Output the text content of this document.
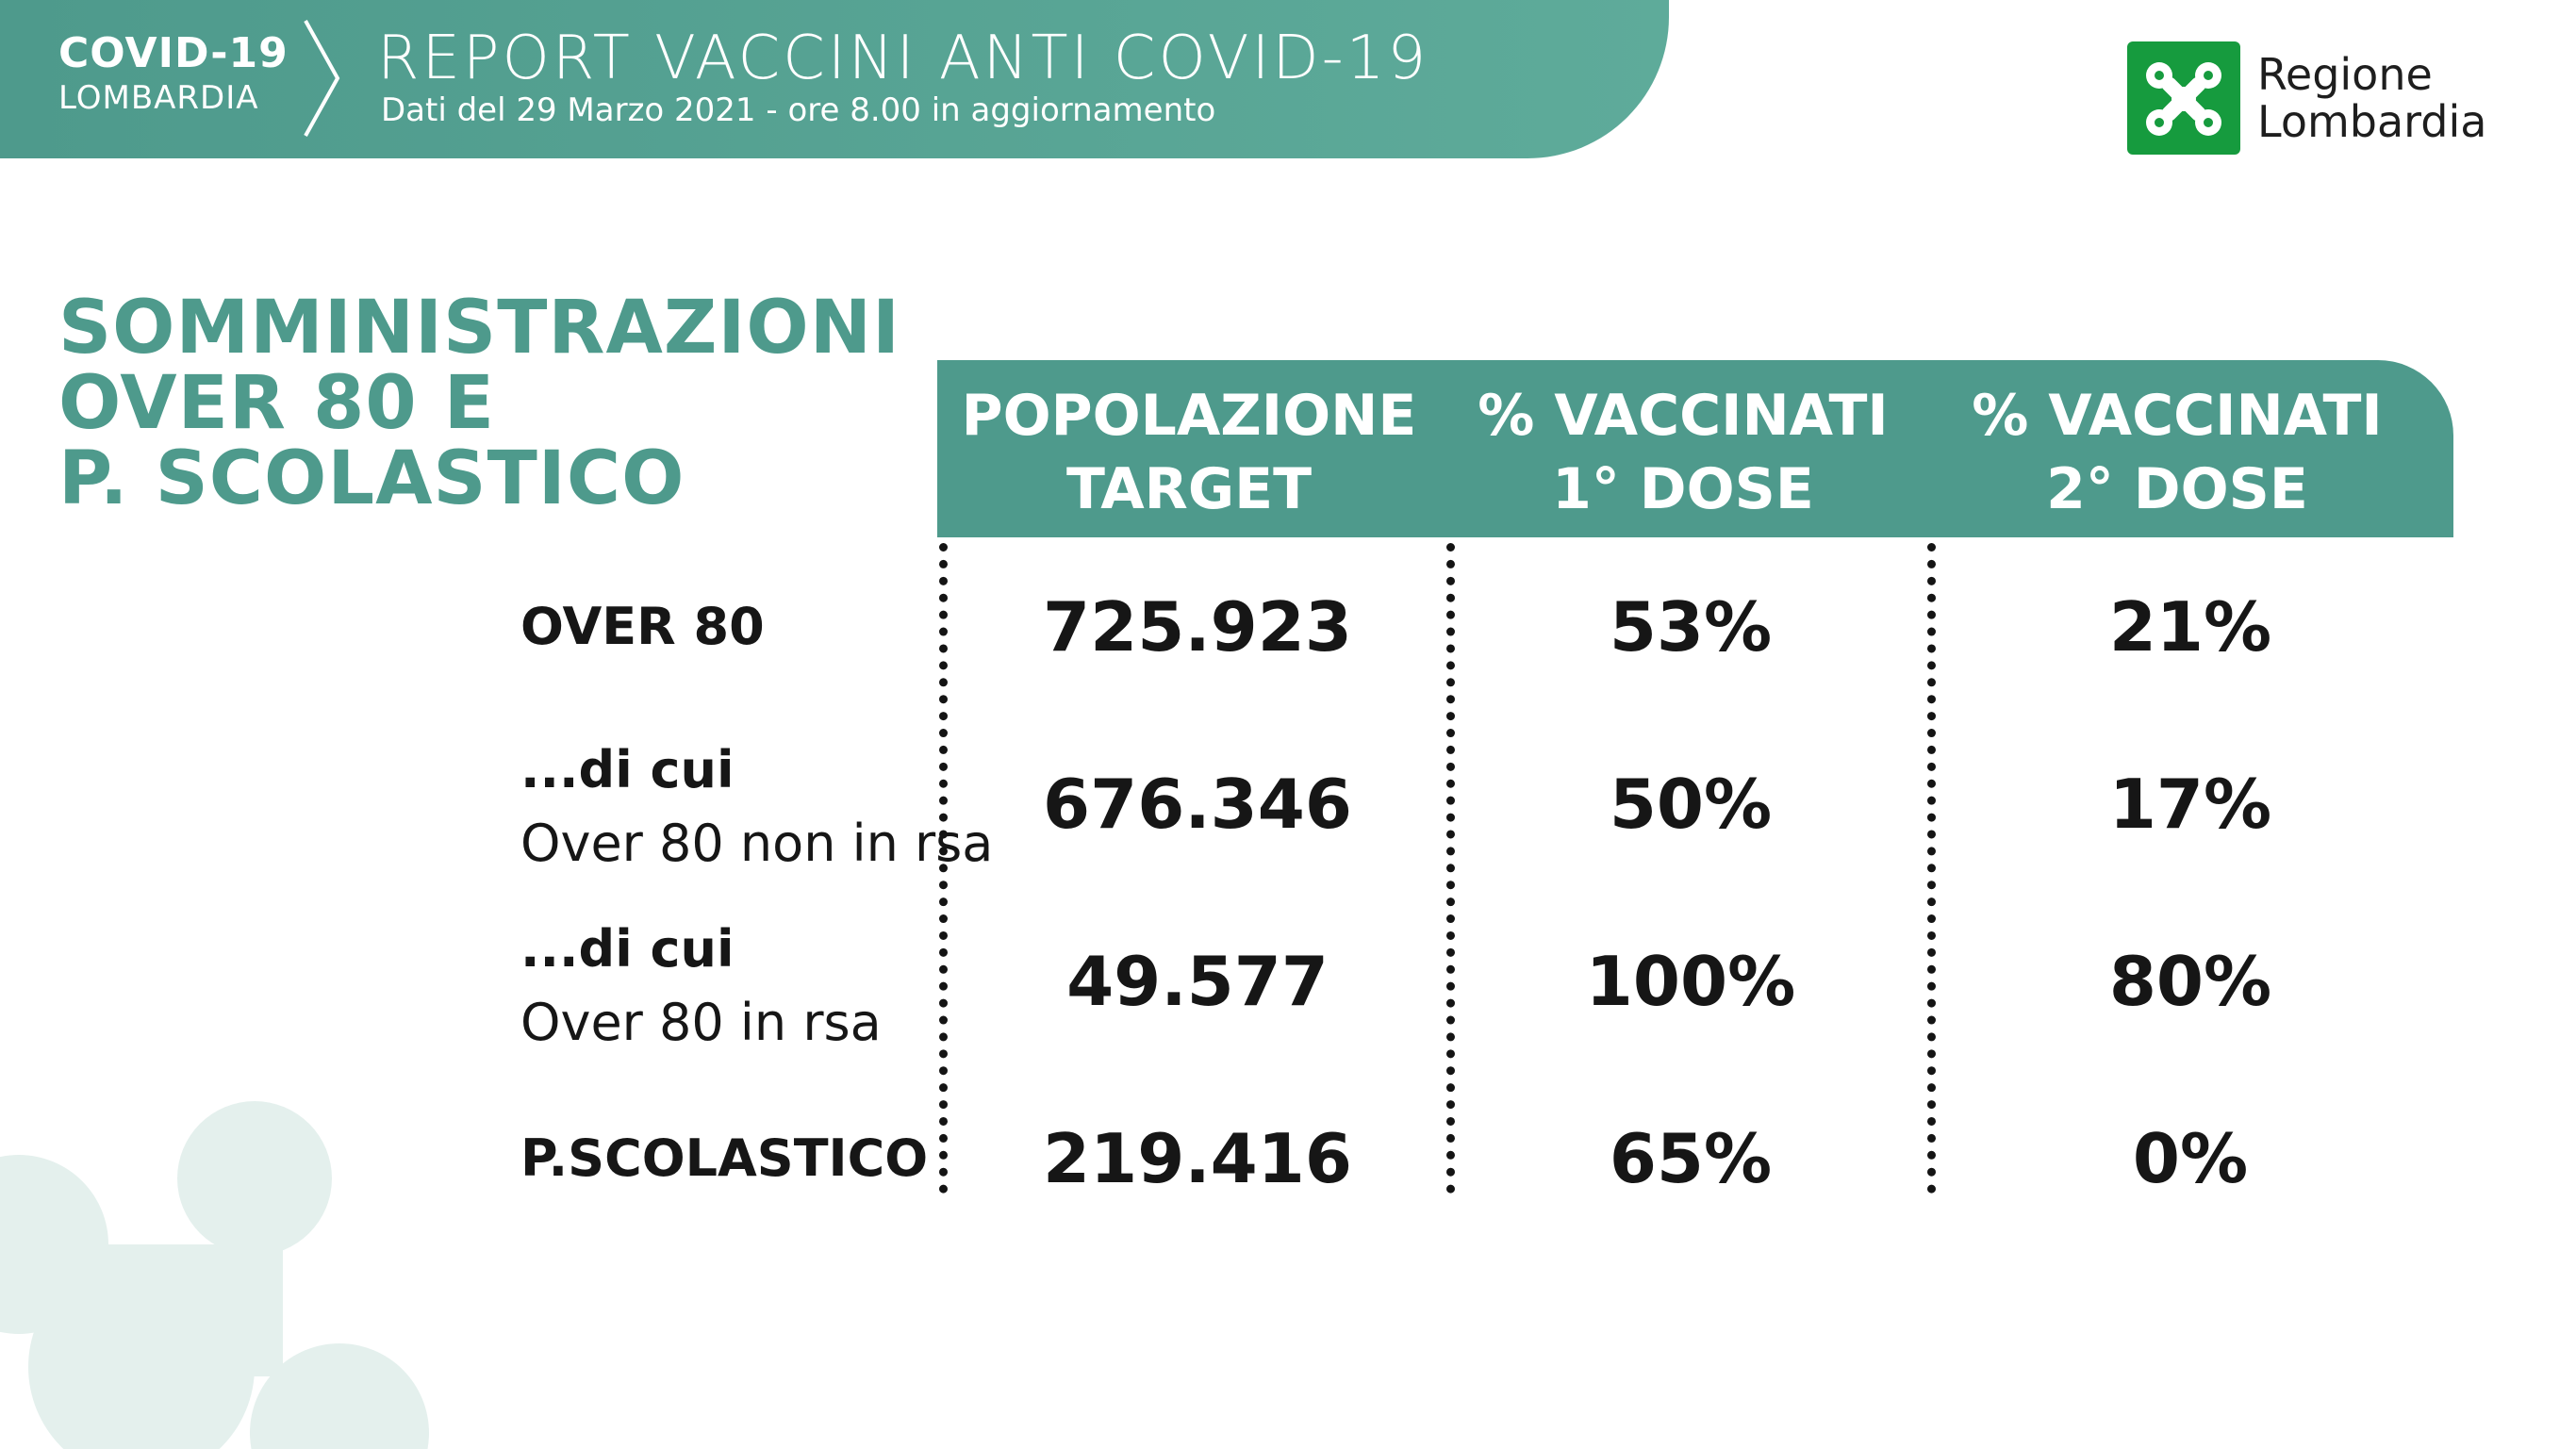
COVID-19
LOMBARDIA
REPORT VACCINI ANTI COVID-19
Dati del 29 Marzo 2021 - ore 8.00 in aggiornamento
Regione
Lombardia
SOMMINISTRAZIONI
OVER 80 E
P. SCOLASTICO
POPOLAZIONE
TARGET
% VACCINATI
1° DOSE
% VACCINATI
2° DOSE
OVER 80	725.923	53%	21%
...di cui
Over 80 non in rsa 676.346	50%	17%
...di cui
Over 80 in rsa
49.577	100%	80%
P.SCOLASTICO	219.416	65%	0%
